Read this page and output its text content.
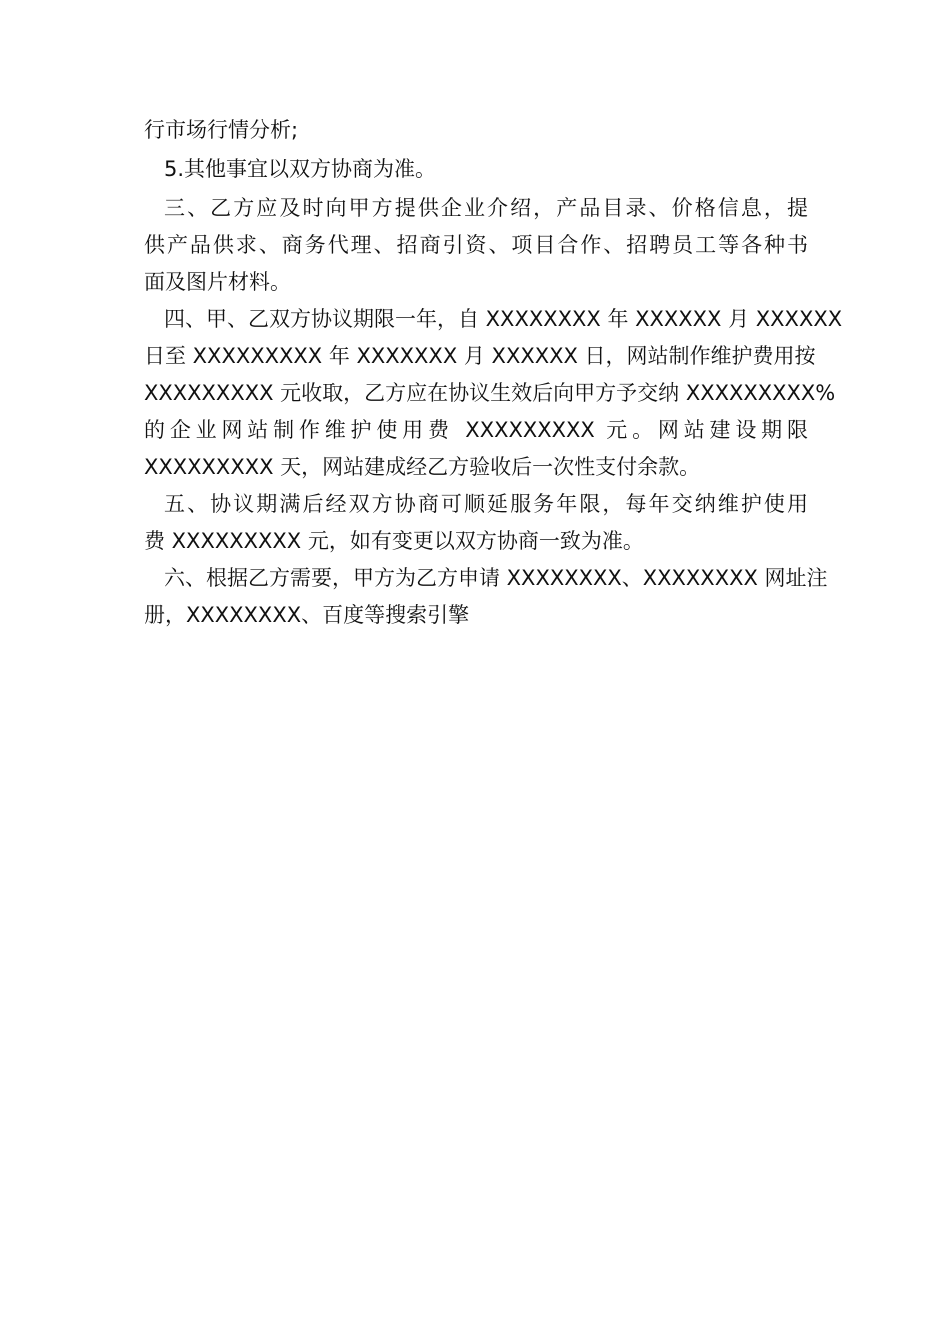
行市场行情分析;
5.其他事宜以双方协商为准。
三、乙方应及时向甲方提供企业介绍，产品目录、价格信息，提
供产品供求、商务代理、招商引资、项目合作、招聘员工等各种书
面及图片材料。
四、甲、乙双方协议期限一年，自 XXXXXXXX 年 XXXXXX 月 XXXXXX
日至 XXXXXXXXX 年 XXXXXXX 月 XXXXXX 日，网站制作维护费用按
XXXXXXXXX 元收取，乙方应在协议生效后向甲方予交纳 XXXXXXXXX%
的企业网站制作维护使用费 XXXXXXXXX 元。网站建设期限
XXXXXXXXX 天，网站建成经乙方验收后一次性支付余款。
五、协议期满后经双方协商可顺延服务年限，每年交纳维护使用
费 XXXXXXXXX 元，如有变更以双方协商一致为准。
六、根据乙方需要，甲方为乙方申请 XXXXXXXX、XXXXXXXX 网址注
册，XXXXXXXX、百度等搜索引擎
